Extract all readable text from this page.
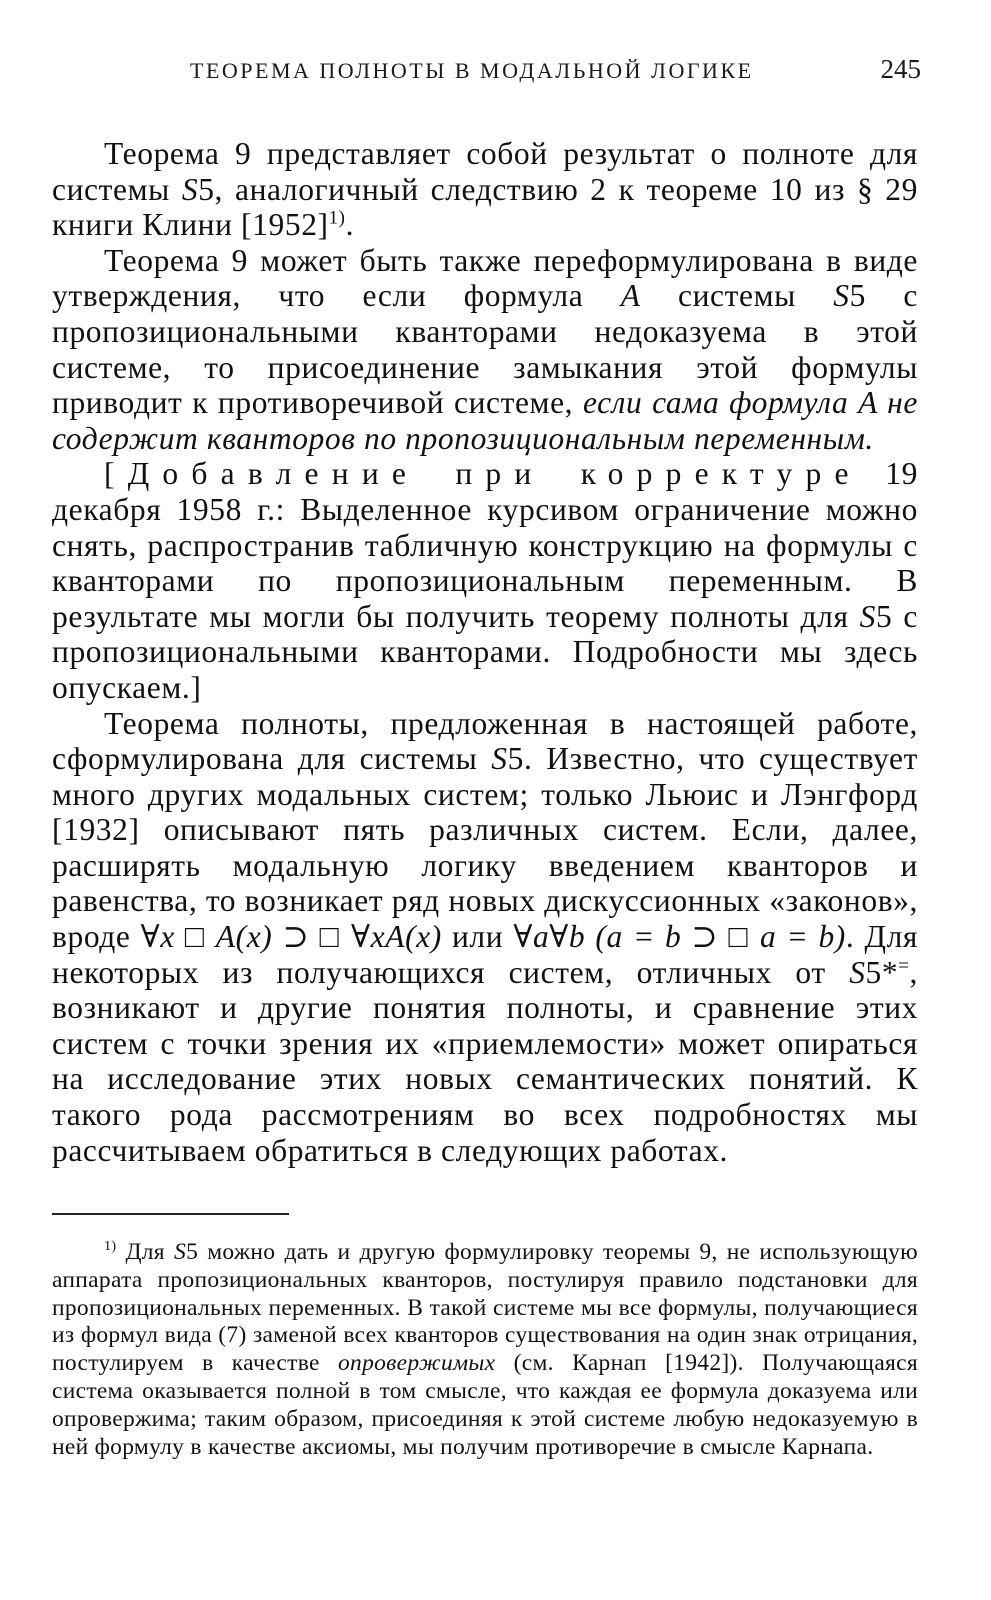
ТЕОРЕМА ПОЛНОТЫ В МОДАЛЬНОЙ ЛОГИКЕ	245

Теорема 9 представляет собой результат о полноте для системы S5, аналогичный следствию 2 к теореме 10 из § 29 книги Клини $[1952]^{1)}$.

Теорема 9 может быть также переформулирована в виде утверждения, что если формула A системы S5 с пропозициональными кванторами недоказуема в этой системе, то присоединение замыкания этой формулы приводит к противоречивой системе, если сама формула A не содержит кванторов по пропозициональным переменным.

[Добавление при корректуре 19 декабря 1958 г.: Выделенное курсивом ограничение можно снять, распространив табличную конструкцию на формулы с кванторами по пропозициональным переменным. В результате мы могли бы получить теорему полноты для S5 с пропозициональными кванторами. Подробности мы здесь опускаем.]

Теорема полноты, предложенная в настоящей работе, сформулирована для системы S5. Известно, что существует много других модальных систем; только Льюис и Лэнгфорд [1932] описывают пять различных систем. Если, далее, расширять модальную логику введением кванторов и равенства, то возникает ряд новых дискуссионных «законов», вроде ∀x □ A(x) ⊃ □ ∀xA(x) или ∀a∀b (a = b ⊃ □ a = b). Для некоторых из получающихся систем, отличных от S5*=, возникают и другие понятия полноты, и сравнение этих систем с точки зрения их «приемлемости» может опираться на исследование этих новых семантических понятий. К такого рода рассмотрениям во всех подробностях мы рассчитываем обратиться в следующих работах.

$^{1)}$ Для S5 можно дать и другую формулировку теоремы 9, не использующую аппарата пропозициональных кванторов, постулируя правило подстановки для пропозициональных переменных. В такой системе мы все формулы, получающиеся из формул вида (7) заменой всех кванторов существования на один знак отрицания, постулируем в качестве опровержимых (см. Карнап [1942]). Получающаяся система оказывается полной в том смысле, что каждая ее формула доказуема или опровержима; таким образом, присоединяя к этой системе любую недоказуемую в ней формулу в качестве аксиомы, мы получим противоречие в смысле Карнапа.
